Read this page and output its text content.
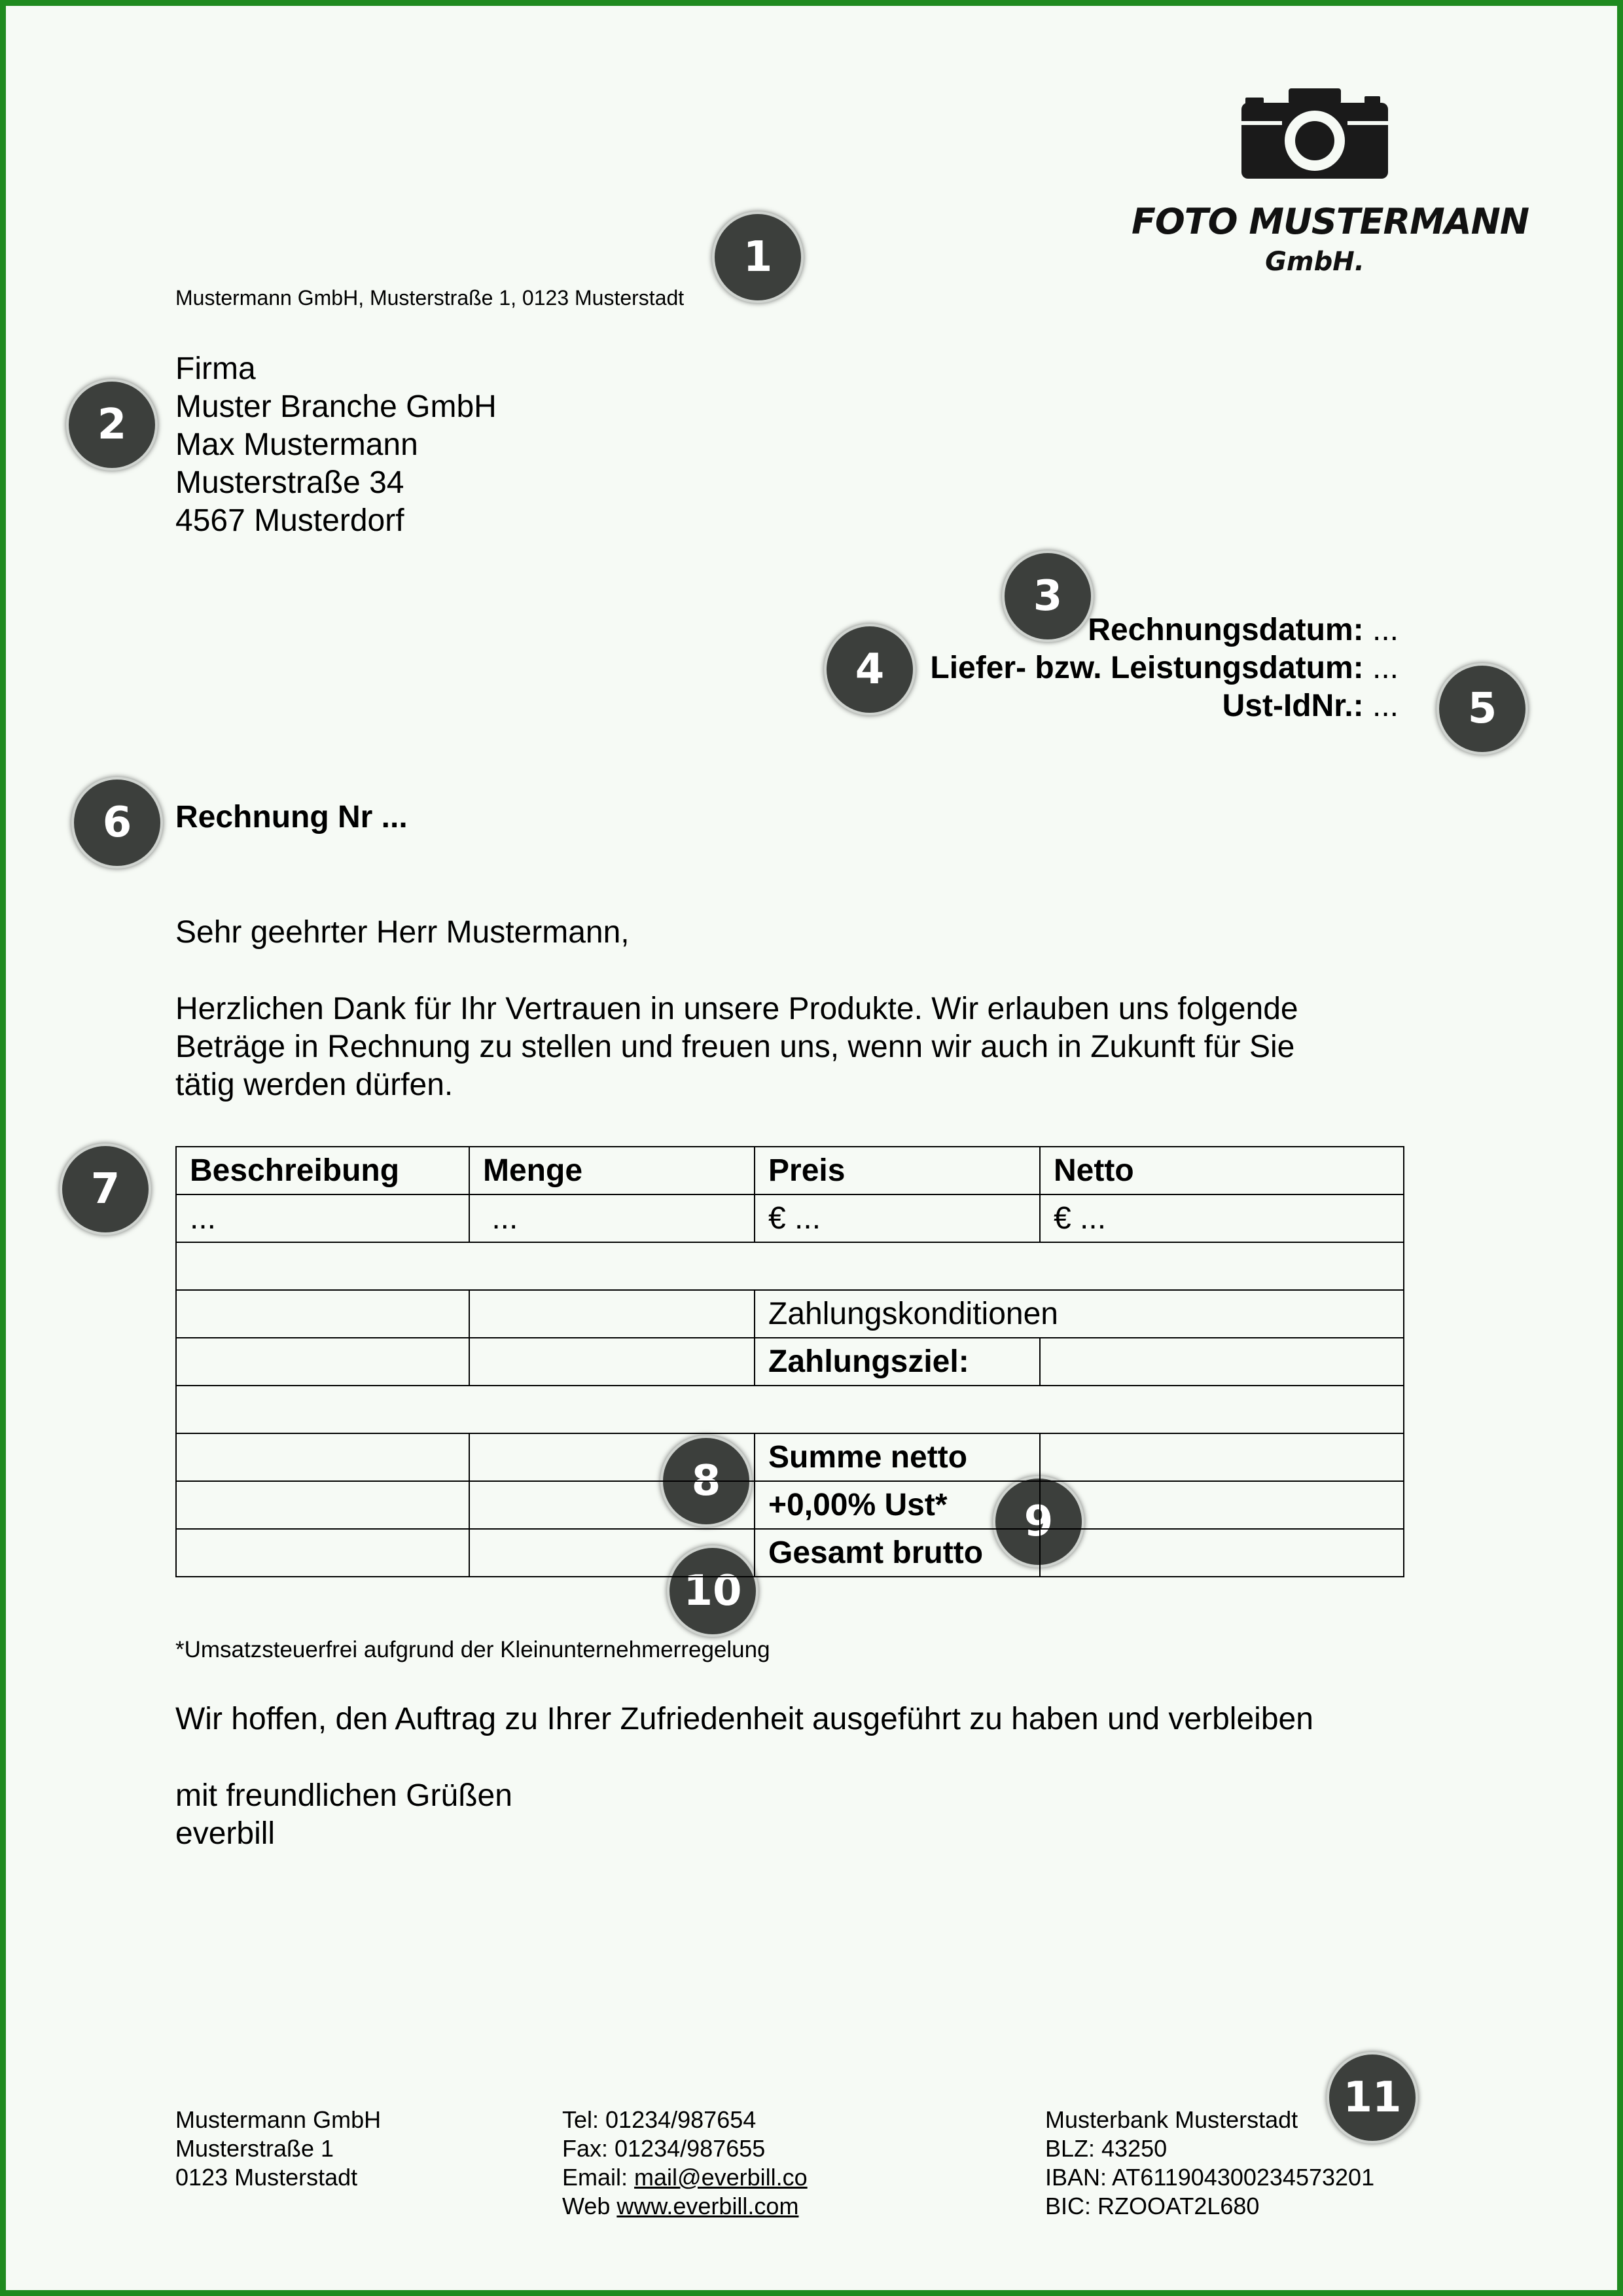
FOTO MUSTERMANN
GmbH.
1
2
3
4
5
6
7
8
9
10
11
Mustermann GmbH, Musterstraße 1, 0123 Musterstadt
Firma
Muster Branche GmbH
Max Mustermann
Musterstraße 34
4567 Musterdorf
Rechnungsdatum: ...
Liefer- bzw. Leistungsdatum: ...
Ust-IdNr.: ...
Rechnung Nr ...
Sehr geehrter Herr Mustermann,
Herzlichen Dank für Ihr Vertrauen in unsere Produkte. Wir erlauben uns folgende
Beträge in Rechnung zu stellen und freuen uns, wenn wir auch in Zukunft für Sie
tätig werden dürfen.
Beschreibung	Menge	Preis	Netto
...	...	€ ...	€ ...

		Zahlungskonditionen	
		Zahlungsziel:	

		Summe netto	
		+0,00% Ust*	
		Gesamt brutto	
*Umsatzsteuerfrei aufgrund der Kleinunternehmerregelung
Wir hoffen, den Auftrag zu Ihrer Zufriedenheit ausgeführt zu haben und verbleiben
mit freundlichen Grüßen
everbill
Mustermann GmbH
Musterstraße 1
0123 Musterstadt
Tel: 01234/987654
Fax: 01234/987655
Email: mail@everbill.co
Web www.everbill.com
Musterbank Musterstadt
BLZ: 43250
IBAN: AT611904300234573201
BIC: RZOOAT2L680
